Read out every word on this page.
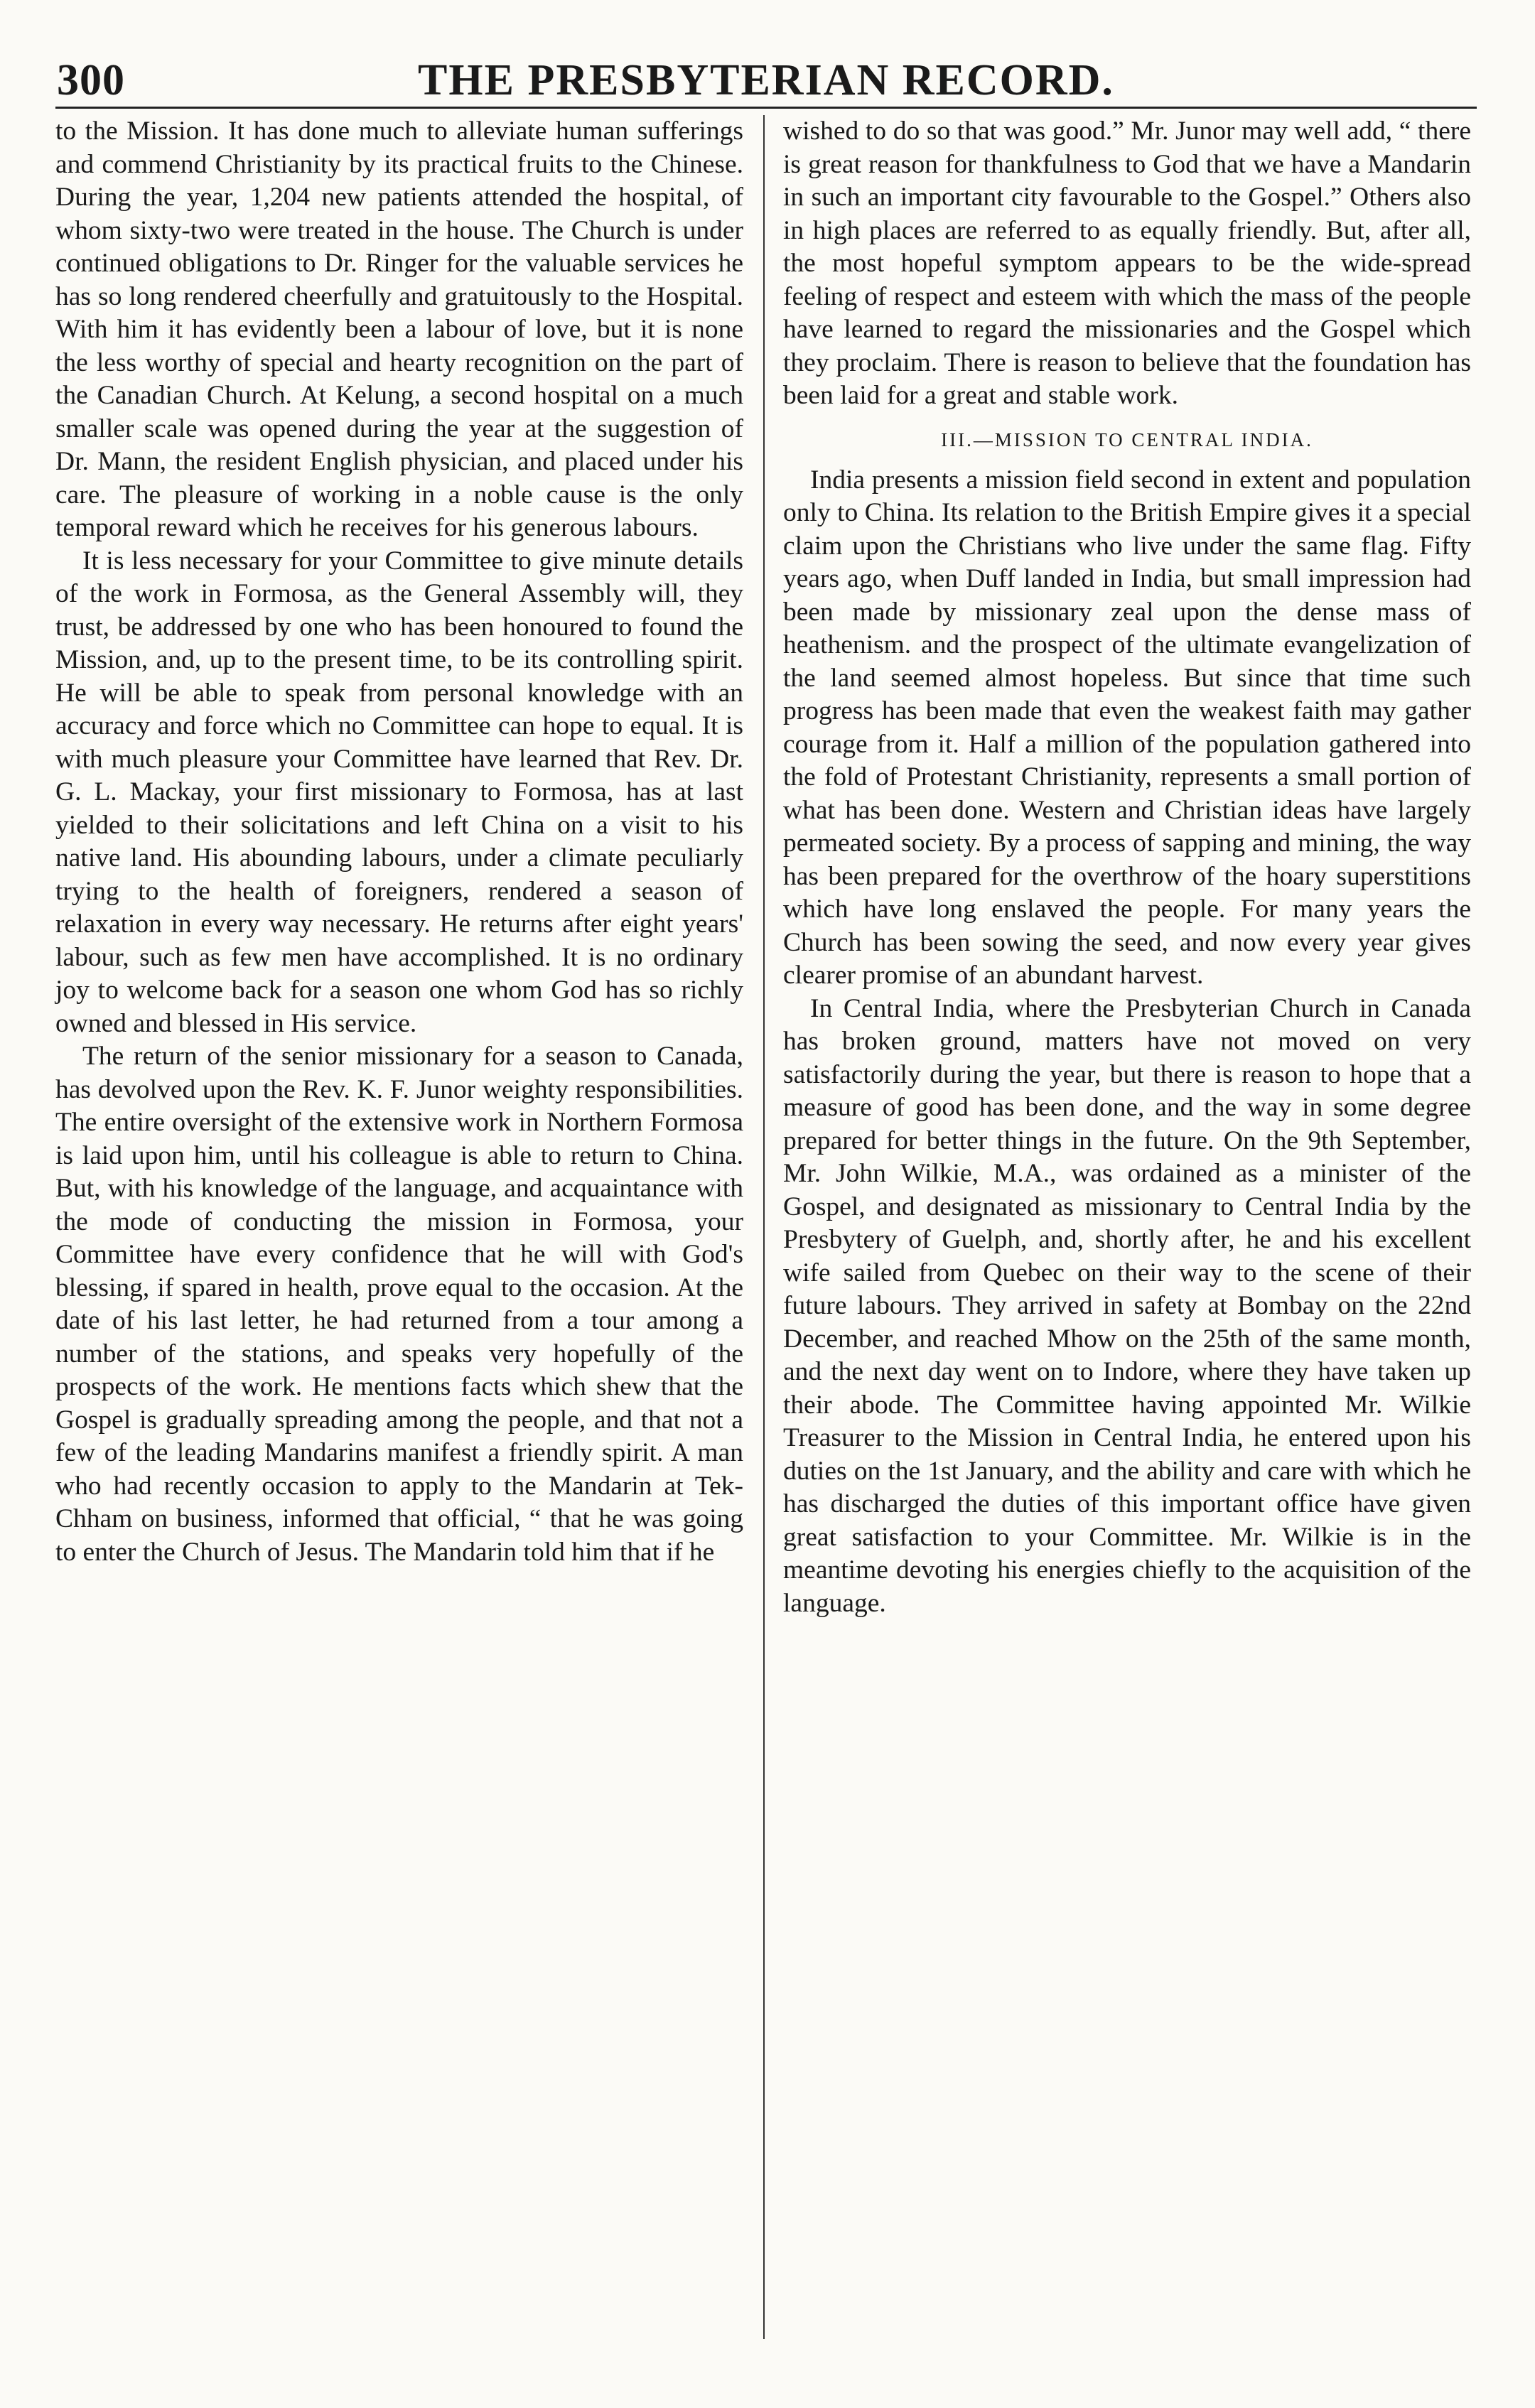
300	THE PRESBYTERIAN RECORD.

to the Mission. It has done much to alleviate human sufferings and commend Christianity by its practical fruits to the Chinese. During the year, 1,204 new patients attended the hospital, of whom sixty-two were treated in the house. The Church is under continued obligations to Dr. Ringer for the valuable services he has so long rendered cheerfully and gratuitously to the Hospital. With him it has evidently been a labour of love, but it is none the less worthy of special and hearty recognition on the part of the Canadian Church. At Kelung, a second hospital on a much smaller scale was opened during the year at the suggestion of Dr. Mann, the resident English physician, and placed under his care. The pleasure of working in a noble cause is the only temporal reward which he receives for his generous labours.

It is less necessary for your Committee to give minute details of the work in Formosa, as the General Assembly will, they trust, be addressed by one who has been honoured to found the Mission, and, up to the present time, to be its controlling spirit. He will be able to speak from personal knowledge with an accuracy and force which no Committee can hope to equal. It is with much pleasure your Committee have learned that Rev. Dr. G. L. Mackay, your first missionary to Formosa, has at last yielded to their solicitations and left China on a visit to his native land. His abounding labours, under a climate peculiarly trying to the health of foreigners, rendered a season of relaxation in every way necessary. He returns after eight years' labour, such as few men have accomplished. It is no ordinary joy to welcome back for a season one whom God has so richly owned and blessed in His service.

The return of the senior missionary for a season to Canada, has devolved upon the Rev. K. F. Junor weighty responsibilities. The entire oversight of the extensive work in Northern Formosa is laid upon him, until his colleague is able to return to China. But, with his knowledge of the language, and acquaintance with the mode of conducting the mission in Formosa, your Committee have every confidence that he will with God's blessing, if spared in health, prove equal to the occasion. At the date of his last letter, he had returned from a tour among a number of the stations, and speaks very hopefully of the prospects of the work. He mentions facts which shew that the Gospel is gradually spreading among the people, and that not a few of the leading Mandarins manifest a friendly spirit. A man who had recently occasion to apply to the Mandarin at Tek-Chham on business, informed that official, “ that he was going to enter the Church of Jesus. The Mandarin told him that if he

wished to do so that was good.” Mr. Junor may well add, “ there is great reason for thankfulness to God that we have a Mandarin in such an important city favourable to the Gospel.” Others also in high places are referred to as equally friendly. But, after all, the most hopeful symptom appears to be the wide-spread feeling of respect and esteem with which the mass of the people have learned to regard the missionaries and the Gospel which they proclaim. There is reason to believe that the foundation has been laid for a great and stable work.

III.—MISSION TO CENTRAL INDIA.

India presents a mission field second in extent and population only to China. Its relation to the British Empire gives it a special claim upon the Christians who live under the same flag. Fifty years ago, when Duff landed in India, but small impression had been made by missionary zeal upon the dense mass of heathenism. and the prospect of the ultimate evangelization of the land seemed almost hopeless. But since that time such progress has been made that even the weakest faith may gather courage from it. Half a million of the population gathered into the fold of Protestant Christianity, represents a small portion of what has been done. Western and Christian ideas have largely permeated society. By a process of sapping and mining, the way has been prepared for the overthrow of the hoary superstitions which have long enslaved the people. For many years the Church has been sowing the seed, and now every year gives clearer promise of an abundant harvest.

In Central India, where the Presbyterian Church in Canada has broken ground, matters have not moved on very satisfactorily during the year, but there is reason to hope that a measure of good has been done, and the way in some degree prepared for better things in the future. On the 9th September, Mr. John Wilkie, M.A., was ordained as a minister of the Gospel, and designated as missionary to Central India by the Presbytery of Guelph, and, shortly after, he and his excellent wife sailed from Quebec on their way to the scene of their future labours. They arrived in safety at Bombay on the 22nd December, and reached Mhow on the 25th of the same month, and the next day went on to Indore, where they have taken up their abode. The Committee having appointed Mr. Wilkie Treasurer to the Mission in Central India, he entered upon his duties on the 1st January, and the ability and care with which he has discharged the duties of this important office have given great satisfaction to your Committee. Mr. Wilkie is in the meantime devoting his energies chiefly to the acquisition of the language.
